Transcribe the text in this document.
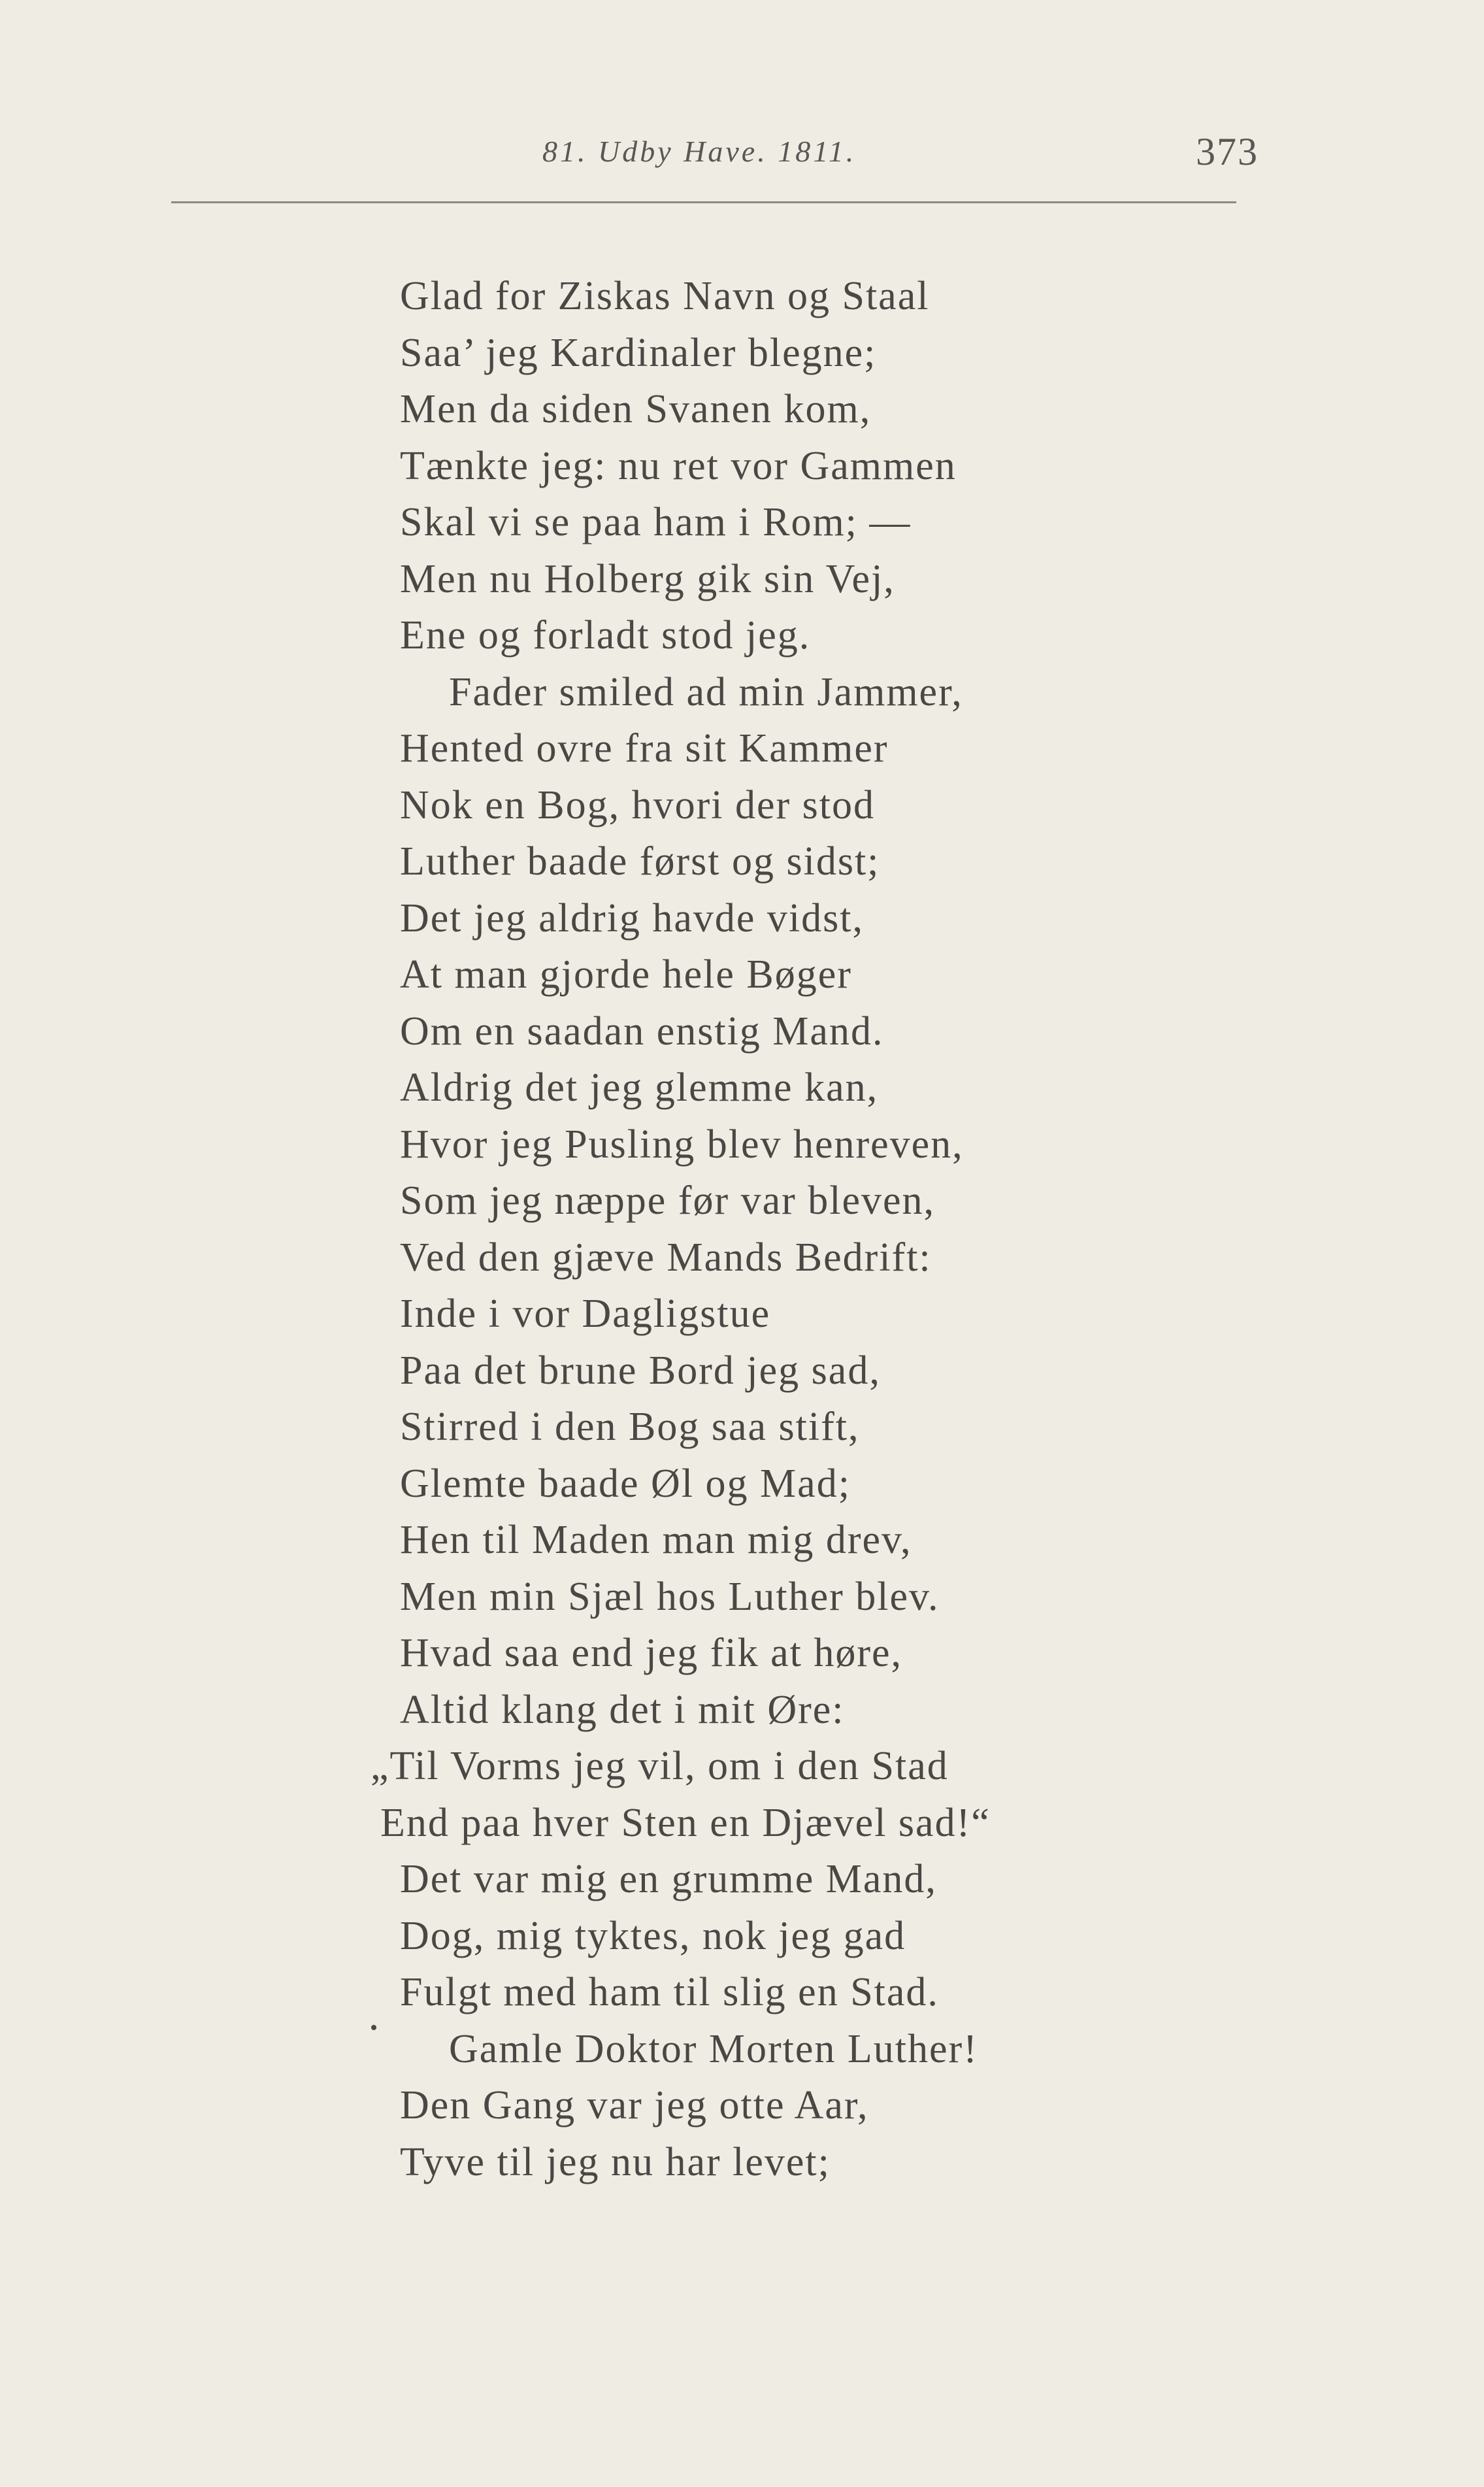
81. Udby Have. 1811.	373
Glad for Ziskas Navn og Staal
Saa’ jeg Kardinaler blegne;
Men da siden Svanen kom,
Tænkte jeg: nu ret vor Gammen
Skal vi se paa ham i Rom; —
Men nu Holberg gik sin Vej,
Ene og forladt stod jeg.
Fader smiled ad min Jammer,
Hented ovre fra sit Kammer
Nok en Bog, hvori der stod
Luther baade først og sidst;
Det jeg aldrig havde vidst,
At man gjorde hele Bøger
Om en saadan enstig Mand.
Aldrig det jeg glemme kan,
Hvor jeg Pusling blev henreven,
Som jeg næppe før var bleven,
Ved den gjæve Mands Bedrift:
Inde i vor Dagligstue
Paa det brune Bord jeg sad,
Stirred i den Bog saa stift,
Glemte baade Øl og Mad;
Hen til Maden man mig drev,
Men min Sjæl hos Luther blev.
Hvad saa end jeg fik at høre,
Altid klang det i mit Øre:
„Til Vorms jeg vil, om i den Stad
End paa hver Sten en Djævel sad!“
Det var mig en grumme Mand,
Dog, mig tyktes, nok jeg gad
Fulgt med ham til slig en Stad.
Gamle Doktor Morten Luther!
Den Gang var jeg otte Aar,
Tyve til jeg nu har levet;
